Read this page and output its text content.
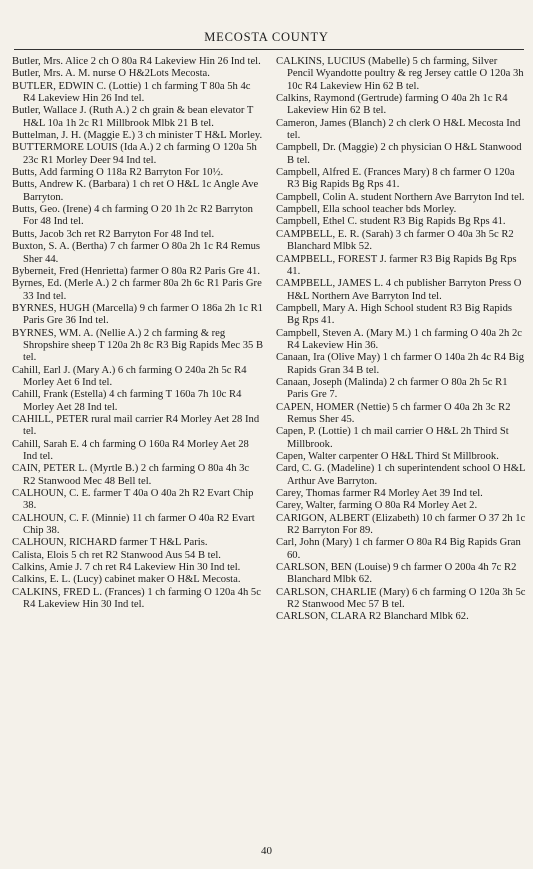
MECOSTA COUNTY

Butler, Mrs. Alice 2 ch O 80a R4 Lakeview Hin 26 Ind tel.

Butler, Mrs. A. M. nurse O H&2Lots Mecosta.

BUTLER, EDWIN C. (Lottie) 1 ch farming T 80a 5h 4c R4 Lakeview Hin 26 Ind tel.

Butler, Wallace J. (Ruth A.) 2 ch grain & bean elevator T H&L 10a 1h 2c R1 Millbrook Mlbk 21 B tel.

Buttelman, J. H. (Maggie E.) 3 ch minister T H&L Morley.

BUTTERMORE LOUIS (Ida A.) 2 ch farming O 120a 5h 23c R1 Morley Deer 94 Ind tel.

Butts, Add farming O 118a R2 Barryton For 10½.

Butts, Andrew K. (Barbara) 1 ch ret O H&L 1c Angle Ave Barryton.

Butts, Geo. (Irene) 4 ch farming O 20 1h 2c R2 Barryton For 48 Ind tel.

Butts, Jacob 3ch ret R2 Barryton For 48 Ind tel.

Buxton, S. A. (Bertha) 7 ch farmer O 80a 2h 1c R4 Remus Sher 44.

Byberneit, Fred (Henrietta) farmer O 80a R2 Paris Gre 41.

Byrnes, Ed. (Merle A.) 2 ch farmer 80a 2h 6c R1 Paris Gre 33 Ind tel.

BYRNES, HUGH (Marcella) 9 ch farmer O 186a 2h 1c R1 Paris Gre 36 Ind tel.

BYRNES, WM. A. (Nellie A.) 2 ch farming & reg Shropshire sheep T 120a 2h 8c R3 Big Rapids Mec 35 B tel.

Cahill, Earl J. (Mary A.) 6 ch farming O 240a 2h 5c R4 Morley Aet 6 Ind tel.

Cahill, Frank (Estella) 4 ch farming T 160a 7h 10c R4 Morley Aet 28 Ind tel.

CAHILL, PETER rural mail carrier R4 Morley Aet 28 Ind tel.

Cahill, Sarah E. 4 ch farming O 160a R4 Morley Aet 28 Ind tel.

CAIN, PETER L. (Myrtle B.) 2 ch farming O 80a 4h 3c R2 Stanwood Mec 48 Bell tel.

CALHOUN, C. E. farmer T 40a O 40a 2h R2 Evart Chip 38.

CALHOUN, C. F. (Minnie) 11 ch farmer O 40a R2 Evart Chip 38.

CALHOUN, RICHARD farmer T H&L Paris.

Calista, Elois 5 ch ret R2 Stanwood Aus 54 B tel.

Calkins, Amie J. 7 ch ret R4 Lakeview Hin 30 Ind tel.

Calkins, E. L. (Lucy) cabinet maker O H&L Mecosta.

CALKINS, FRED L. (Frances) 1 ch farming O 120a 4h 5c R4 Lakeview Hin 30 Ind tel.

CALKINS, LUCIUS (Mabelle) 5 ch farming, Silver Pencil Wyandotte poultry & reg Jersey cattle O 120a 3h 10c R4 Lakeview Hin 62 B tel.

Calkins, Raymond (Gertrude) farming O 40a 2h 1c R4 Lakeview Hin 62 B tel.

Cameron, James (Blanch) 2 ch clerk O H&L Mecosta Ind tel.

Campbell, Dr. (Maggie) 2 ch physician O H&L Stanwood B tel.

Campbell, Alfred E. (Frances Mary) 8 ch farmer O 120a R3 Big Rapids Bg Rps 41.

Campbell, Colin A. student Northern Ave Barryton Ind tel.

Campbell, Ella school teacher bds Morley.

Campbell, Ethel C. student R3 Big Rapids Bg Rps 41.

CAMPBELL, E. R. (Sarah) 3 ch farmer O 40a 3h 5c R2 Blanchard Mlbk 52.

CAMPBELL, FOREST J. farmer R3 Big Rapids Bg Rps 41.

CAMPBELL, JAMES L. 4 ch publisher Barryton Press O H&L Northern Ave Barryton Ind tel.

Campbell, Mary A. High School student R3 Big Rapids Bg Rps 41.

Campbell, Steven A. (Mary M.) 1 ch farming O 40a 2h 2c R4 Lakeview Hin 36.

Canaan, Ira (Olive May) 1 ch farmer O 140a 2h 4c R4 Big Rapids Gran 34 B tel.

Canaan, Joseph (Malinda) 2 ch farmer O 80a 2h 5c R1 Paris Gre 7.

CAPEN, HOMER (Nettie) 5 ch farmer O 40a 2h 3c R2 Remus Sher 45.

Capen, P. (Lottie) 1 ch mail carrier O H&L 2h Third St Millbrook.

Capen, Walter carpenter O H&L Third St Millbrook.

Card, C. G. (Madeline) 1 ch superintendent school O H&L Arthur Ave Barryton.

Carey, Thomas farmer R4 Morley Aet 39 Ind tel.

Carey, Walter, farming O 80a R4 Morley Aet 2.

CARIGON, ALBERT (Elizabeth) 10 ch farmer O 37 2h 1c R2 Barryton For 89.

Carl, John (Mary) 1 ch farmer O 80a R4 Big Rapids Gran 60.

CARLSON, BEN (Louise) 9 ch farmer O 200a 4h 7c R2 Blanchard Mlbk 62.

CARLSON, CHARLIE (Mary) 6 ch farming O 120a 3h 5c R2 Stanwood Mec 57 B tel.

CARLSON, CLARA R2 Blanchard Mlbk 62.

40
